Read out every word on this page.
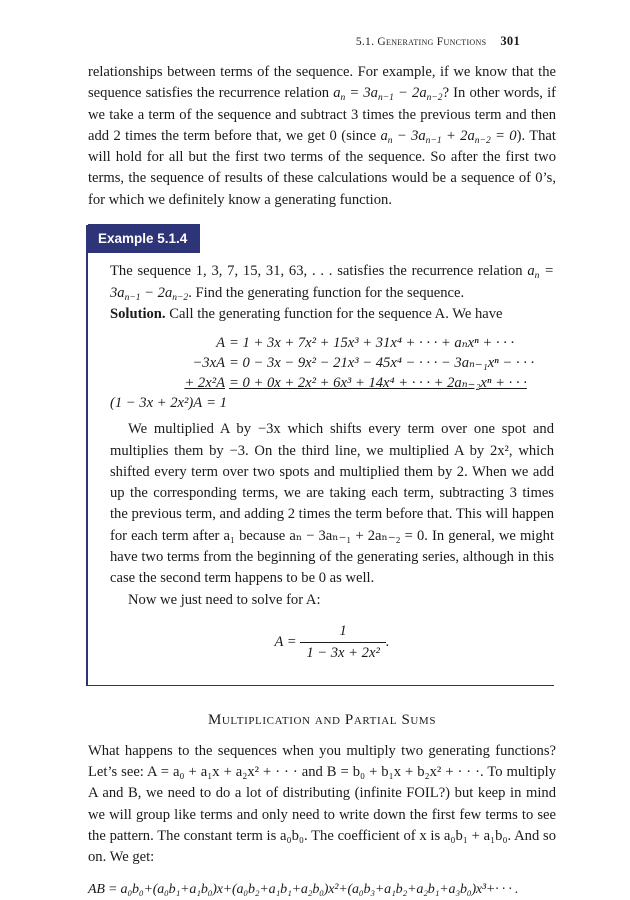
5.1. Generating Functions 301

relationships between terms of the sequence. For example, if we know that the sequence satisfies the recurrence relation $a_n = 3a_{n-1} - 2a_{n-2}$? In other words, if we take a term of the sequence and subtract 3 times the previous term and then add 2 times the term before that, we get 0 (since $a_n - 3a_{n-1} + 2a_{n-2} = 0$). That will hold for all but the first two terms of the sequence. So after the first two terms, the sequence of results of these calculations would be a sequence of 0’s, for which we definitely know a generating function.

Example 5.1.4

The sequence 1, 3, 7, 15, 31, 63, . . . satisfies the recurrence relation $a_n = 3a_{n-1} - 2a_{n-2}$. Find the generating function for the sequence.

Solution. Call the generating function for the sequence A. We have

A = 1 + 3x + 7x² + 15x³ + 31x⁴ + · · · + aₙxⁿ + · · ·
−3xA = 0 − 3x − 9x² − 21x³ − 45x⁴ − · · · − 3aₙ₋₁xⁿ − · · ·
+ 2x²A = 0 + 0x + 2x² + 6x³ + 14x⁴ + · · · + 2aₙ₋₂xⁿ + · · ·
(1 − 3x + 2x²)A = 1

We multiplied A by −3x which shifts every term over one spot and multiplies them by −3. On the third line, we multiplied A by 2x², which shifted every term over two spots and multiplied them by 2. When we add up the corresponding terms, we are taking each term, subtracting 3 times the previous term, and adding 2 times the term before that. This will happen for each term after a₁ because aₙ − 3aₙ₋₁ + 2aₙ₋₂ = 0. In general, we might have two terms from the beginning of the generating series, although in this case the second term happens to be 0 as well.

Now we just need to solve for A:

$A = \frac{1}{\text{1 − 3x + 2x²}}$ .
Multiplication and Partial Sums

What happens to the sequences when you multiply two generating functions? Let’s see: A = a₀ + a₁x + a₂x² + · · · and B = b₀ + b₁x + b₂x² + · · ·. To multiply A and B, we need to do a lot of distributing (infinite FOIL?) but keep in mind we will group like terms and only need to write down the first few terms to see the pattern. The constant term is a₀b₀. The coefficient of x is a₀b₁ + a₁b₀. And so on. We get:

AB = a₀b₀+(a₀b₁+a₁b₀)x+(a₀b₂+a₁b₁+a₂b₀)x²+(a₀b₃+a₁b₂+a₂b₁+a₃b₀)x³+· · · .
